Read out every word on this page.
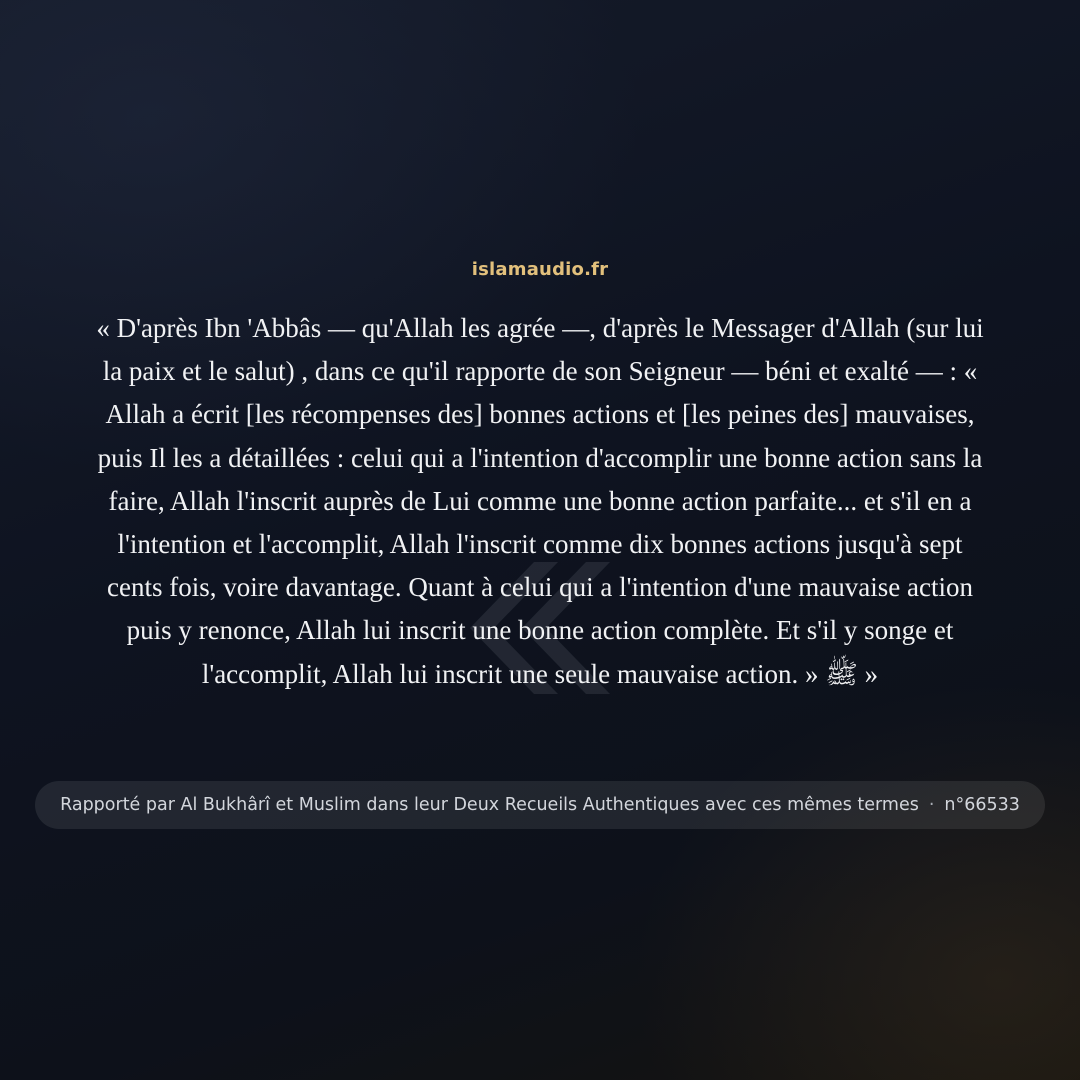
islamaudio.fr

« D'après Ibn 'Abbâs — qu'Allah les agrée —, d'après le Messager d'Allah (sur lui la paix et le salut) , dans ce qu'il rapporte de son Seigneur — béni et exalté — : « Allah a écrit [les récompenses des] bonnes actions et [les peines des] mauvaises, puis Il les a détaillées : celui qui a l'intention d'accomplir une bonne action sans la faire, Allah l'inscrit auprès de Lui comme une bonne action parfaite... et s'il en a l'intention et l'accomplit, Allah l'inscrit comme dix bonnes actions jusqu'à sept cents fois, voire davantage. Quant à celui qui a l'intention d'une mauvaise action puis y renonce, Allah lui inscrit une bonne action complète. Et s'il y songe et l'accomplit, Allah lui inscrit une seule mauvaise action. » ﷺ »

Rapporté par Al Bukhârî et Muslim dans leur Deux Recueils Authentiques avec ces mêmes termes · n°66533
